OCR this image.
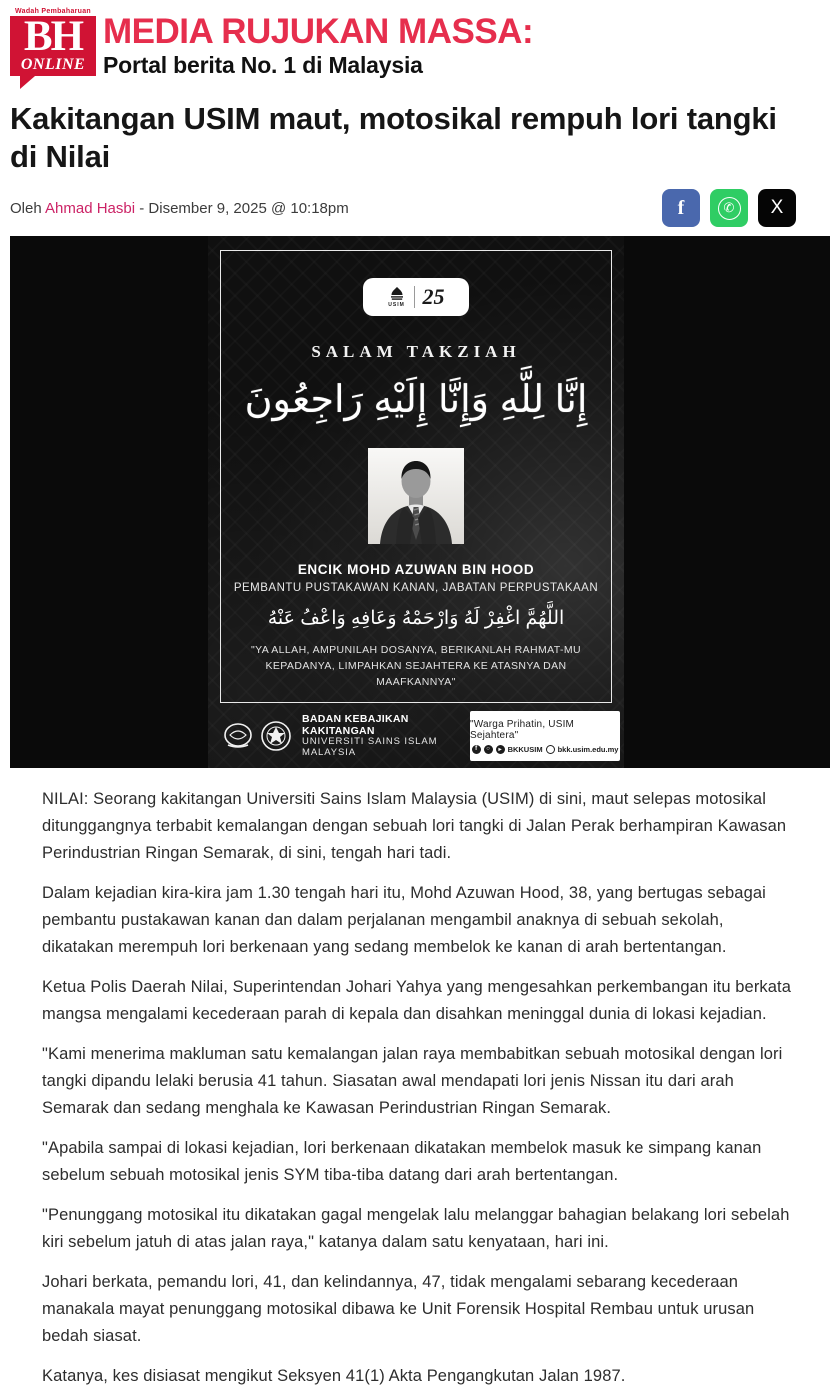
Wadah Pembaharuan
BH
ONLINE
MEDIA RUJUKAN MASSA:
Portal berita No. 1 di Malaysia
Kakitangan USIM maut, motosikal rempuh lori tangki di Nilai
Oleh Ahmad Hasbi - Disember 9, 2025 @ 10:18pm	f	✆	X
USIM 25
SALAM TAKZIAH
إِنَّا لِلَّهِ وَإِنَّا إِلَيْهِ رَاجِعُونَ
ENCIK MOHD AZUWAN BIN HOOD
PEMBANTU PUSTAKAWAN KANAN, JABATAN PERPUSTAKAAN
اللَّهُمَّ اغْفِرْ لَهُ وَارْحَمْهُ وَعَافِهِ وَاعْفُ عَنْهُ
"YA ALLAH, AMPUNILAH DOSANYA, BERIKANLAH RAHMAT-MU KEPADANYA, LIMPAHKAN SEJAHTERA KE ATASNYA DAN MAAFKANNYA"
BADAN KEBAJIKAN KAKITANGAN
UNIVERSITI SAINS ISLAM MALAYSIA
"Warga Prihatin, USIM Sejahtera"
f	○	▸ BKKUSIM bkk.usim.edu.my

NILAI: Seorang kakitangan Universiti Sains Islam Malaysia (USIM) di sini, maut selepas motosikal ditunggangnya terbabit kemalangan dengan sebuah lori tangki di Jalan Perak berhampiran Kawasan Perindustrian Ringan Semarak, di sini, tengah hari tadi.

Dalam kejadian kira-kira jam 1.30 tengah hari itu, Mohd Azuwan Hood, 38, yang bertugas sebagai pembantu pustakawan kanan dan dalam perjalanan mengambil anaknya di sebuah sekolah, dikatakan merempuh lori berkenaan yang sedang membelok ke kanan di arah bertentangan.

Ketua Polis Daerah Nilai, Superintendan Johari Yahya yang mengesahkan perkembangan itu berkata mangsa mengalami kecederaan parah di kepala dan disahkan meninggal dunia di lokasi kejadian.

"Kami menerima makluman satu kemalangan jalan raya membabitkan sebuah motosikal dengan lori tangki dipandu lelaki berusia 41 tahun. Siasatan awal mendapati lori jenis Nissan itu dari arah Semarak dan sedang menghala ke Kawasan Perindustrian Ringan Semarak.

"Apabila sampai di lokasi kejadian, lori berkenaan dikatakan membelok masuk ke simpang kanan sebelum sebuah motosikal jenis SYM tiba-tiba datang dari arah bertentangan.

"Penunggang motosikal itu dikatakan gagal mengelak lalu melanggar bahagian belakang lori sebelah kiri sebelum jatuh di atas jalan raya," katanya dalam satu kenyataan, hari ini.

Johari berkata, pemandu lori, 41, dan kelindannya, 47, tidak mengalami sebarang kecederaan manakala mayat penunggang motosikal dibawa ke Unit Forensik Hospital Rembau untuk urusan bedah siasat.

Katanya, kes disiasat mengikut Seksyen 41(1) Akta Pengangkutan Jalan 1987.
